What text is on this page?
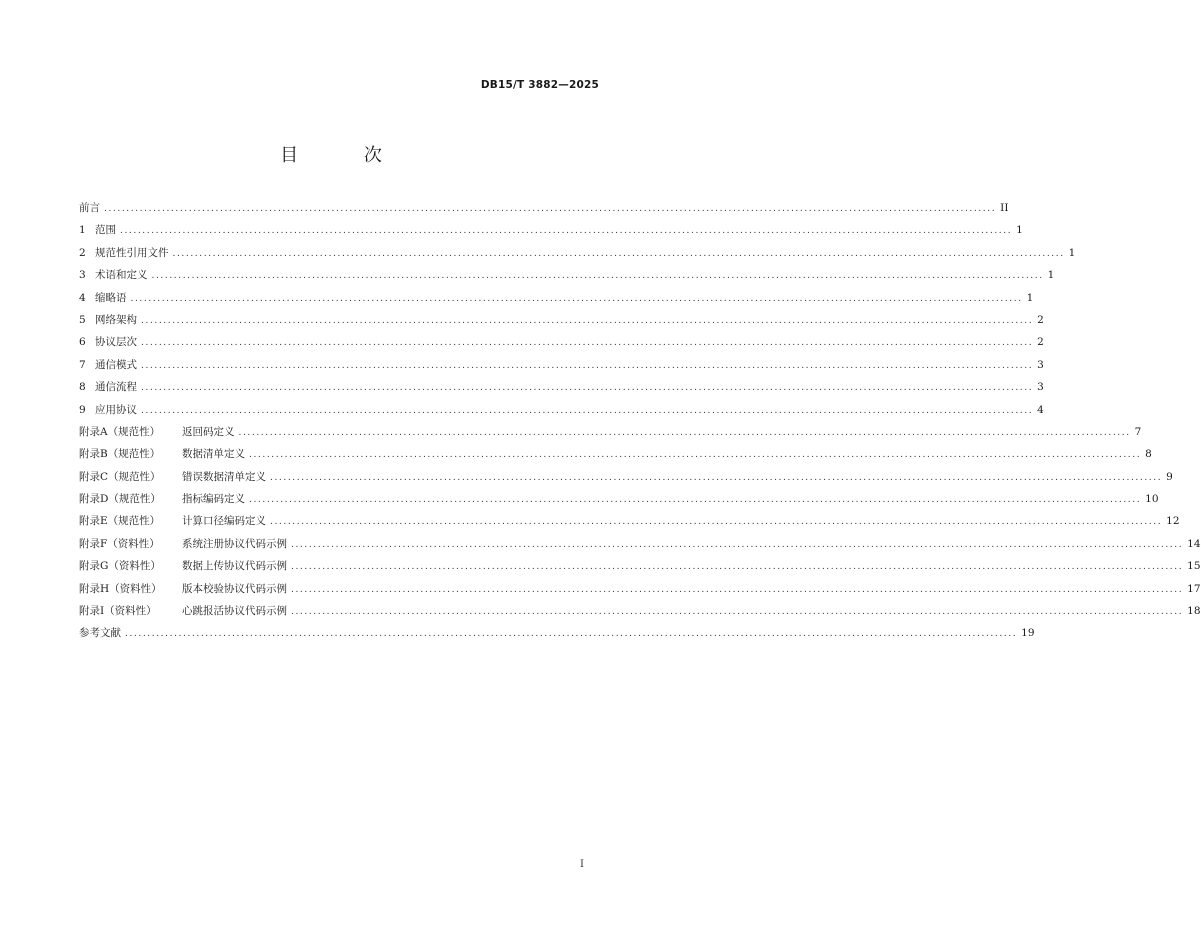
DB15/T 3882—2025
目 次
前言 ........................................................................................................................................................................................................ II
1 范围 ........................................................................................................................................................................................................ 1
2 规范性引用文件 ........................................................................................................................................................................................................ 1
3 术语和定义 ........................................................................................................................................................................................................ 1
4 缩略语 ........................................................................................................................................................................................................ 1
5 网络架构 ........................................................................................................................................................................................................ 2
6 协议层次 ........................................................................................................................................................................................................ 2
7 通信模式 ........................................................................................................................................................................................................ 3
8 通信流程 ........................................................................................................................................................................................................ 3
9 应用协议 ........................................................................................................................................................................................................ 4
附录A（规范性） 返回码定义 ........................................................................................................................................................................................................ 7
附录B（规范性） 数据清单定义 ........................................................................................................................................................................................................ 8
附录C（规范性） 错误数据清单定义 ........................................................................................................................................................................................................ 9
附录D（规范性） 指标编码定义 ........................................................................................................................................................................................................ 10
附录E（规范性） 计算口径编码定义 ........................................................................................................................................................................................................ 12
附录F（资料性） 系统注册协议代码示例 ........................................................................................................................................................................................................ 14
附录G（资料性） 数据上传协议代码示例 ........................................................................................................................................................................................................ 15
附录H（资料性） 版本校验协议代码示例 ........................................................................................................................................................................................................ 17
附录I（资料性） 心跳报活协议代码示例 ........................................................................................................................................................................................................ 18
参考文献 ........................................................................................................................................................................................................ 19
I
